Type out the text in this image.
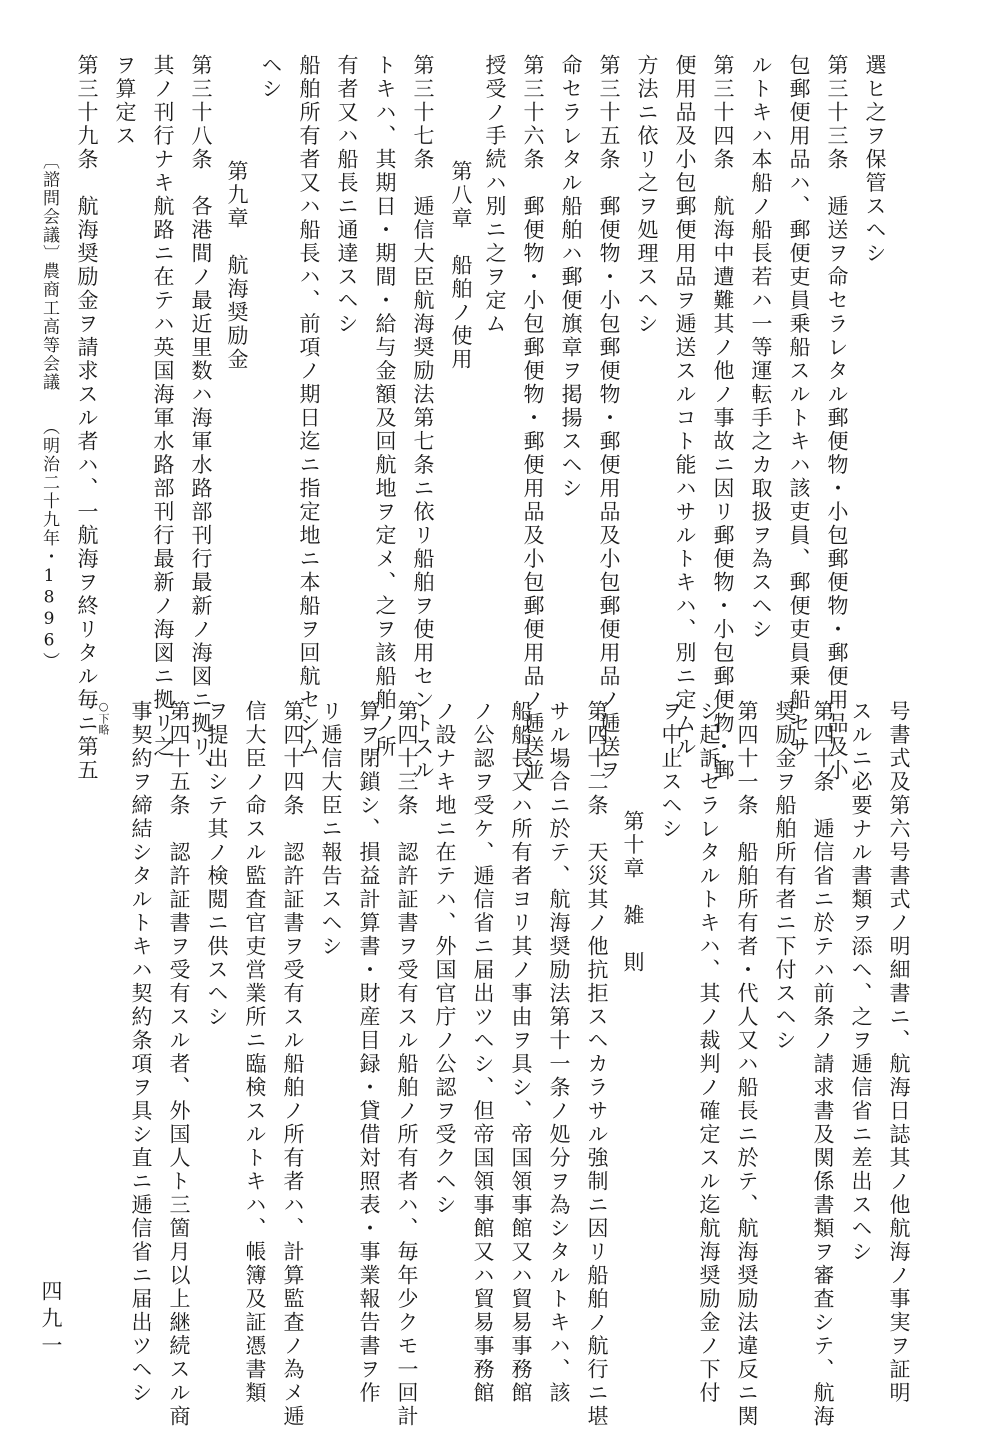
選ヒ之ヲ保管スヘシ
第三十三条　逓送ヲ命セラレタル郵便物・小包郵便物・郵便用品及小
包郵便用品ハ、郵便吏員乗船スルトキハ該吏員、郵便吏員乗船セサ
ルトキハ本船ノ船長若ハ一等運転手之カ取扱ヲ為スヘシ
第三十四条　航海中遭難其ノ他ノ事故ニ因リ郵便物・小包郵便物・郵
便用品及小包郵便用品ヲ逓送スルコト能ハサルトキハ、別ニ定ムル
方法ニ依リ之ヲ処理スヘシ
第三十五条　郵便物・小包郵便物・郵便用品及小包郵便用品ノ逓送ヲ
命セラレタル船舶ハ郵便旗章ヲ掲揚スヘシ
第三十六条　郵便物・小包郵便物・郵便用品及小包郵便用品ノ逓送並
授受ノ手続ハ別ニ之ヲ定ム
第八章　船舶ノ使用
第三十七条　逓信大臣航海奨励法第七条ニ依リ船舶ヲ使用セントスル
トキハ、其期日・期間・給与金額及回航地ヲ定メ、之ヲ該船舶ノ所
有者又ハ船長ニ通達スヘシ
船舶所有者又ハ船長ハ、前項ノ期日迄ニ指定地ニ本船ヲ回航セシム
ヘシ
第九章　航海奨励金
第三十八条　各港間ノ最近里数ハ海軍水路部刊行最新ノ海図ニ拠リ、
其ノ刊行ナキ航路ニ在テハ英国海軍水路部刊行最新ノ海図ニ拠リ之
ヲ算定ス
第三十九条　航海奨励金ヲ請求スル者ハ、一航海ヲ終リタル毎ニ第五
〔諮問会議〕
農商工高等会議
（明治二十九年・1896）
号書式及第六号書式ノ明細書ニ、航海日誌其ノ他航海ノ事実ヲ証明
スルニ必要ナル書類ヲ添ヘ、之ヲ逓信省ニ差出スヘシ
第四十条　逓信省ニ於テハ前条ノ請求書及関係書類ヲ審査シテ、航海
奨励金ヲ船舶所有者ニ下付スヘシ
第四十一条　船舶所有者・代人又ハ船長ニ於テ、航海奨励法違反ニ関
シ起訴セラレタルトキハ、其ノ裁判ノ確定スル迄航海奨励金ノ下付
ヲ中止スヘシ
第十章　雑　則
第四十二条　天災其ノ他抗拒スヘカラサル強制ニ因リ船舶ノ航行ニ堪
サル場合ニ於テ、航海奨励法第十一条ノ処分ヲ為シタルトキハ、該
船船長又ハ所有者ヨリ其ノ事由ヲ具シ、帝国領事館又ハ貿易事務館
ノ公認ヲ受ケ、逓信省ニ届出ツヘシ、但帝国領事館又ハ貿易事務館
ノ設ナキ地ニ在テハ、外国官庁ノ公認ヲ受クヘシ
第四十三条　認許証書ヲ受有スル船舶ノ所有者ハ、毎年少クモ一回計
算ヲ閉鎖シ、損益計算書・財産目録・貸借対照表・事業報告書ヲ作
リ逓信大臣ニ報告スヘシ
第四十四条　認許証書ヲ受有スル船舶ノ所有者ハ、計算監査ノ為メ逓
信大臣ノ命スル監査官吏営業所ニ臨検スルトキハ、帳簿及証憑書類
ヲ提出シテ其ノ検閲ニ供スヘシ
第四十五条　認許証書ヲ受有スル者、外国人ト三箇月以上継続スル商
事契約ヲ締結シタルトキハ契約条項ヲ具シ直ニ逓信省ニ届出ツヘシ
○下略
四九一
